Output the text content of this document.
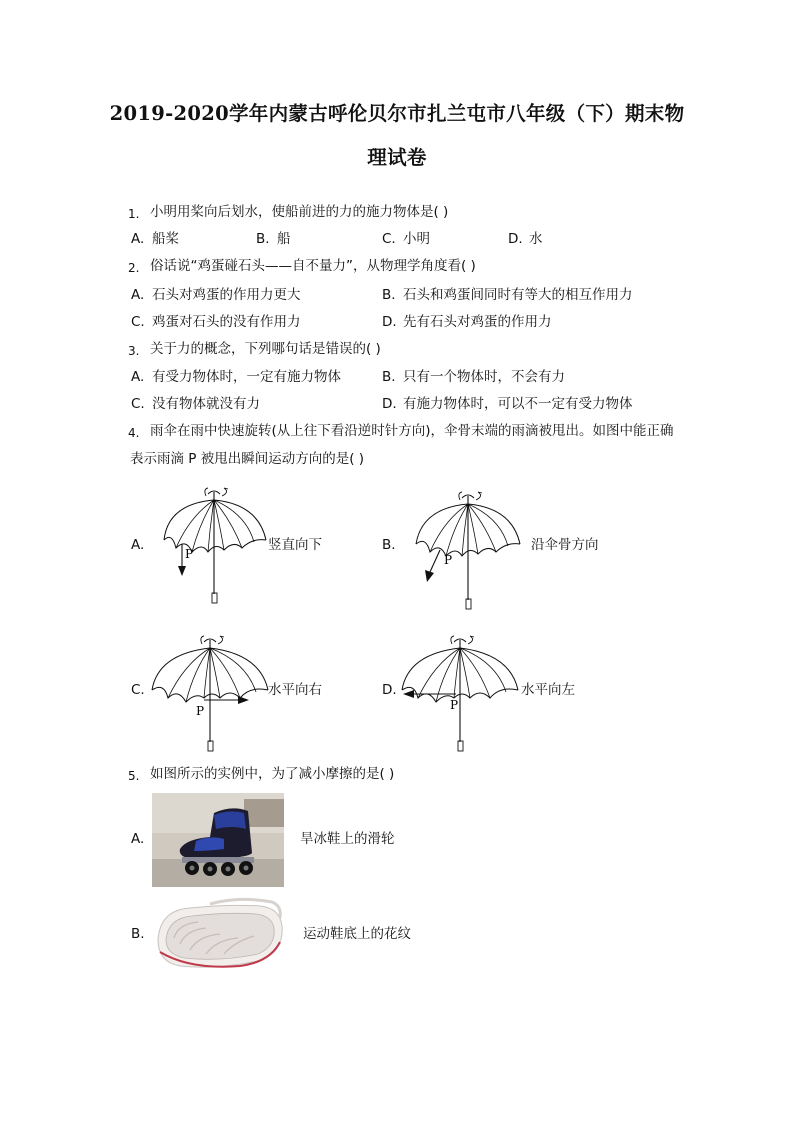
2019-2020学年内蒙古呼伦贝尔市扎兰屯市八年级（下）期末物
理试卷
1. 小明用桨向后划水，使船前进的力的施力物体是( )
A. 船桨	B. 船	C. 小明	D. 水
2. 俗话说“鸡蛋碰石头——自不量力”，从物理学角度看( )
A. 石头对鸡蛋的作用力更大	B. 石头和鸡蛋间同时有等大的相互作用力
C. 鸡蛋对石头的没有作用力	D. 先有石头对鸡蛋的作用力
3. 关于力的概念，下列哪句话是错误的( )
A. 有受力物体时，一定有施力物体	B. 只有一个物体时，不会有力
C. 没有物体就没有力	D. 有施力物体时，可以不一定有受力物体
4. 雨伞在雨中快速旋转(从上往下看沿逆时针方向)，伞骨末端的雨滴被甩出。如图中能正确
表示雨滴 P 被甩出瞬间运动方向的是( )
A.
P
竖直向下	B.
P
沿伞骨方向
C.
P
水平向右	D.
P
水平向左
5. 如图所示的实例中，为了减小摩擦的是( )
A.	旱冰鞋上的滑轮
B.	运动鞋底上的花纹
